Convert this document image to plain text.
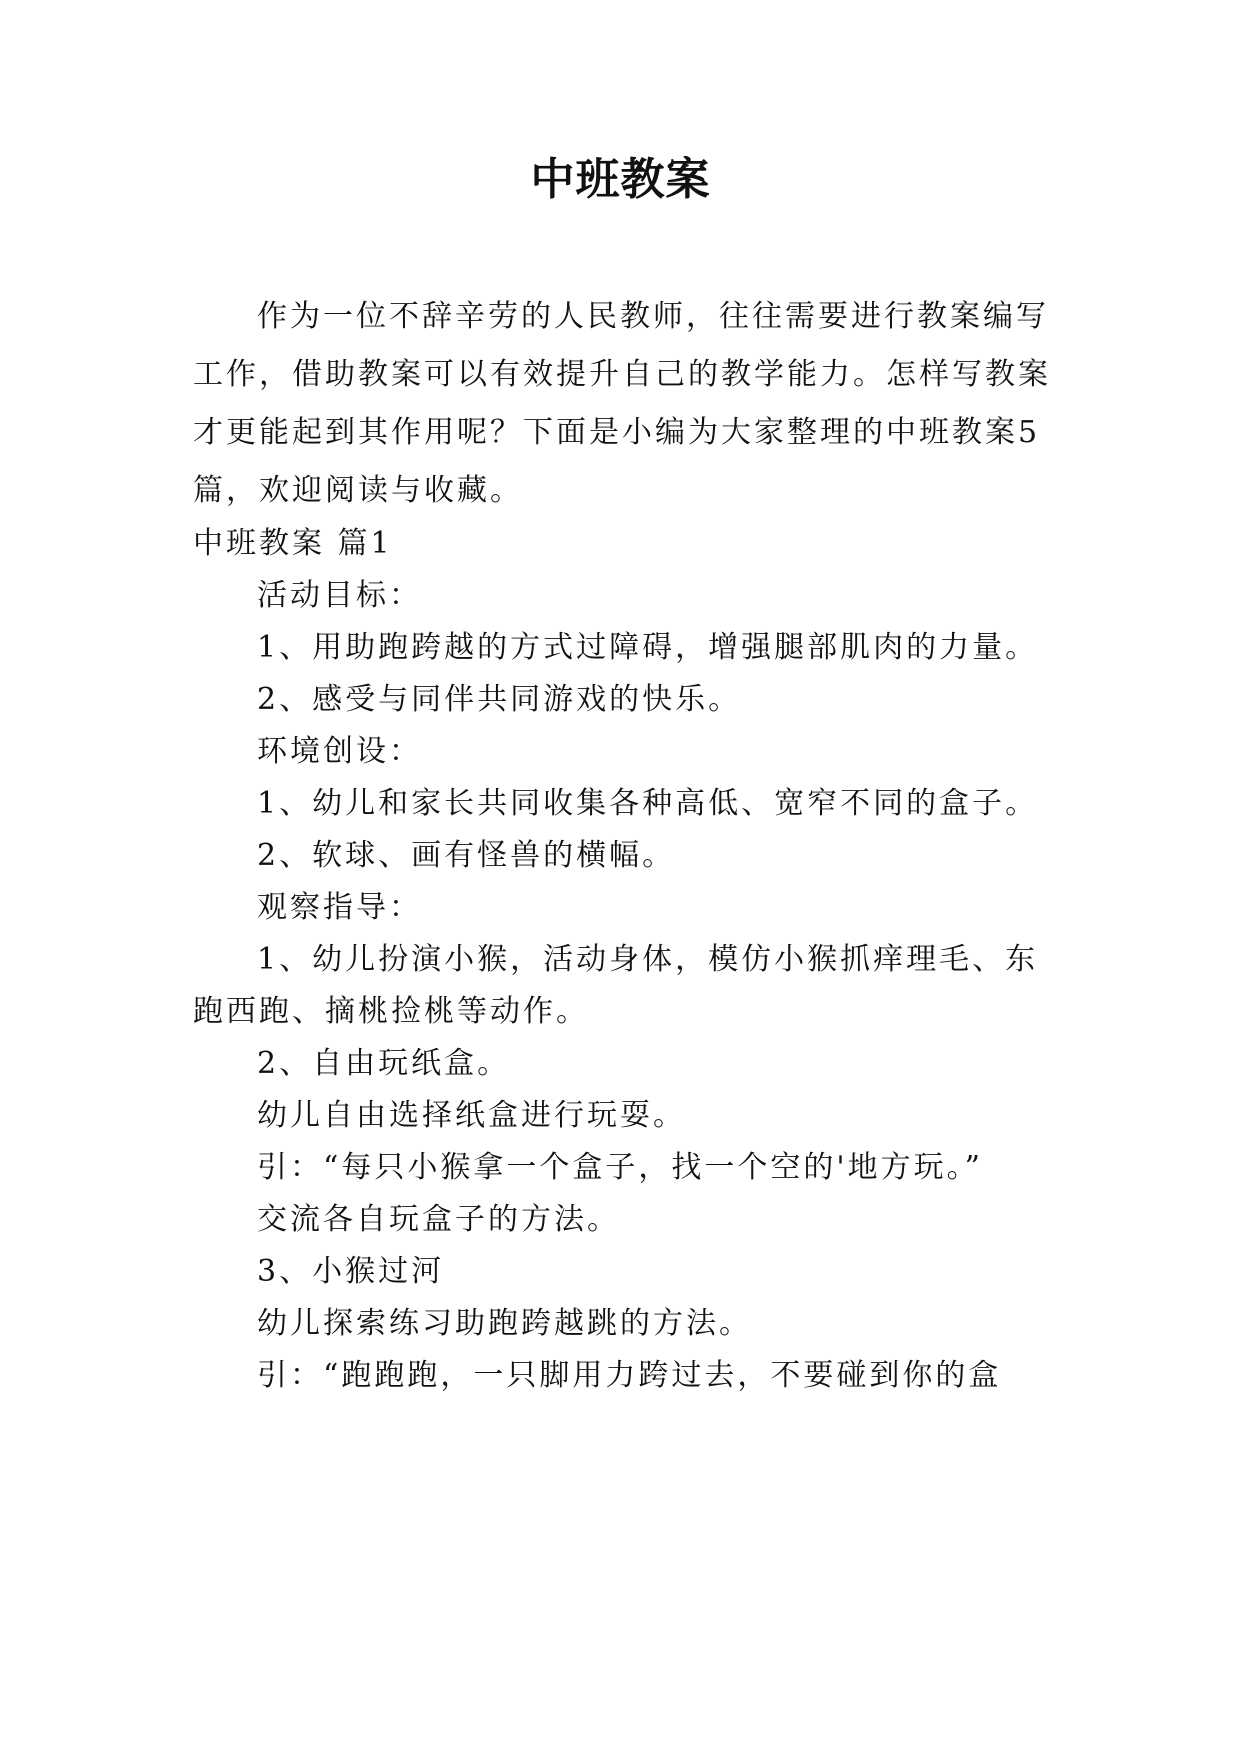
中班教案

作为一位不辞辛劳的人民教师，往往需要进行教案编写工作，借助教案可以有效提升自己的教学能力。怎样写教案才更能起到其作用呢？下面是小编为大家整理的中班教案5篇，欢迎阅读与收藏。

中班教案 篇1
活动目标：
1、用助跑跨越的方式过障碍，增强腿部肌肉的力量。
2、感受与同伴共同游戏的快乐。
环境创设：
1、幼儿和家长共同收集各种高低、宽窄不同的盒子。
2、软球、画有怪兽的横幅。
观察指导：
1、幼儿扮演小猴，活动身体，模仿小猴抓痒理毛、东
跑西跑、摘桃捡桃等动作。
2、自由玩纸盒。
幼儿自由选择纸盒进行玩耍。
引：“每只小猴拿一个盒子，找一个空的'地方玩。”
交流各自玩盒子的方法。
3、小猴过河
幼儿探索练习助跑跨越跳的方法。
引：“跑跑跑，一只脚用力跨过去，不要碰到你的盒
